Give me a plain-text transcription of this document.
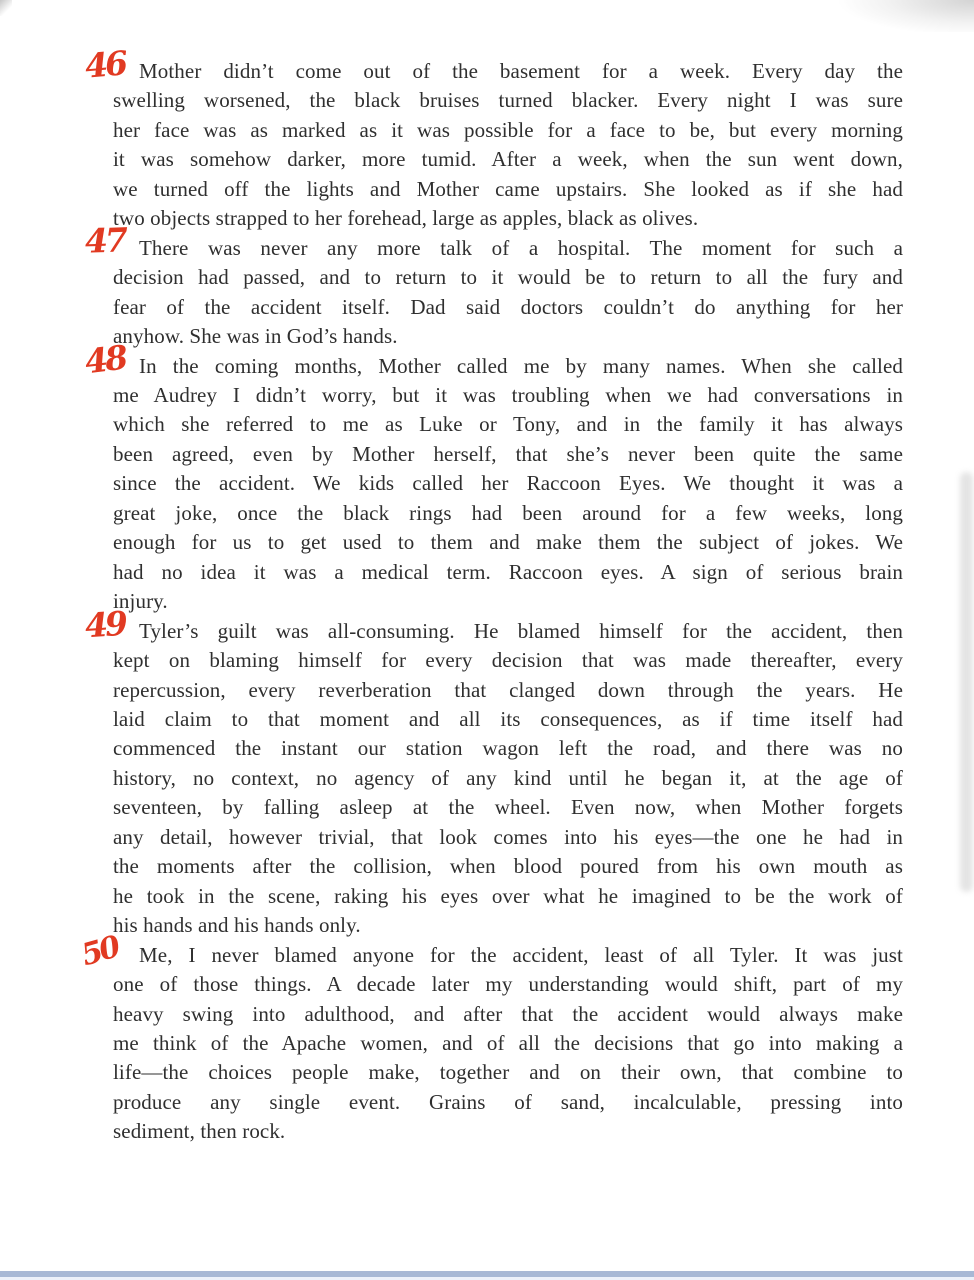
46 Mother didn’t come out of the basement for a week. Every day the
swelling worsened, the black bruises turned blacker. Every night I was sure
her face was as marked as it was possible for a face to be, but every morning
it was somehow darker, more tumid. After a week, when the sun went down,
we turned off the lights and Mother came upstairs. She looked as if she had
two objects strapped to her forehead, large as apples, black as olives.
47 There was never any more talk of a hospital. The moment for such a
decision had passed, and to return to it would be to return to all the fury and
fear of the accident itself. Dad said doctors couldn’t do anything for her
anyhow. She was in God’s hands.
48 In the coming months, Mother called me by many names. When she called
me Audrey I didn’t worry, but it was troubling when we had conversations in
which she referred to me as Luke or Tony, and in the family it has always
been agreed, even by Mother herself, that she’s never been quite the same
since the accident. We kids called her Raccoon Eyes. We thought it was a
great joke, once the black rings had been around for a few weeks, long
enough for us to get used to them and make them the subject of jokes. We
had no idea it was a medical term. Raccoon eyes. A sign of serious brain
injury.
49 Tyler’s guilt was all-consuming. He blamed himself for the accident, then
kept on blaming himself for every decision that was made thereafter, every
repercussion, every reverberation that clanged down through the years. He
laid claim to that moment and all its consequences, as if time itself had
commenced the instant our station wagon left the road, and there was no
history, no context, no agency of any kind until he began it, at the age of
seventeen, by falling asleep at the wheel. Even now, when Mother forgets
any detail, however trivial, that look comes into his eyes—the one he had in
the moments after the collision, when blood poured from his own mouth as
he took in the scene, raking his eyes over what he imagined to be the work of
his hands and his hands only.
50 Me, I never blamed anyone for the accident, least of all Tyler. It was just
one of those things. A decade later my understanding would shift, part of my
heavy swing into adulthood, and after that the accident would always make
me think of the Apache women, and of all the decisions that go into making a
life—the choices people make, together and on their own, that combine to
produce any single event. Grains of sand, incalculable, pressing into
sediment, then rock.
